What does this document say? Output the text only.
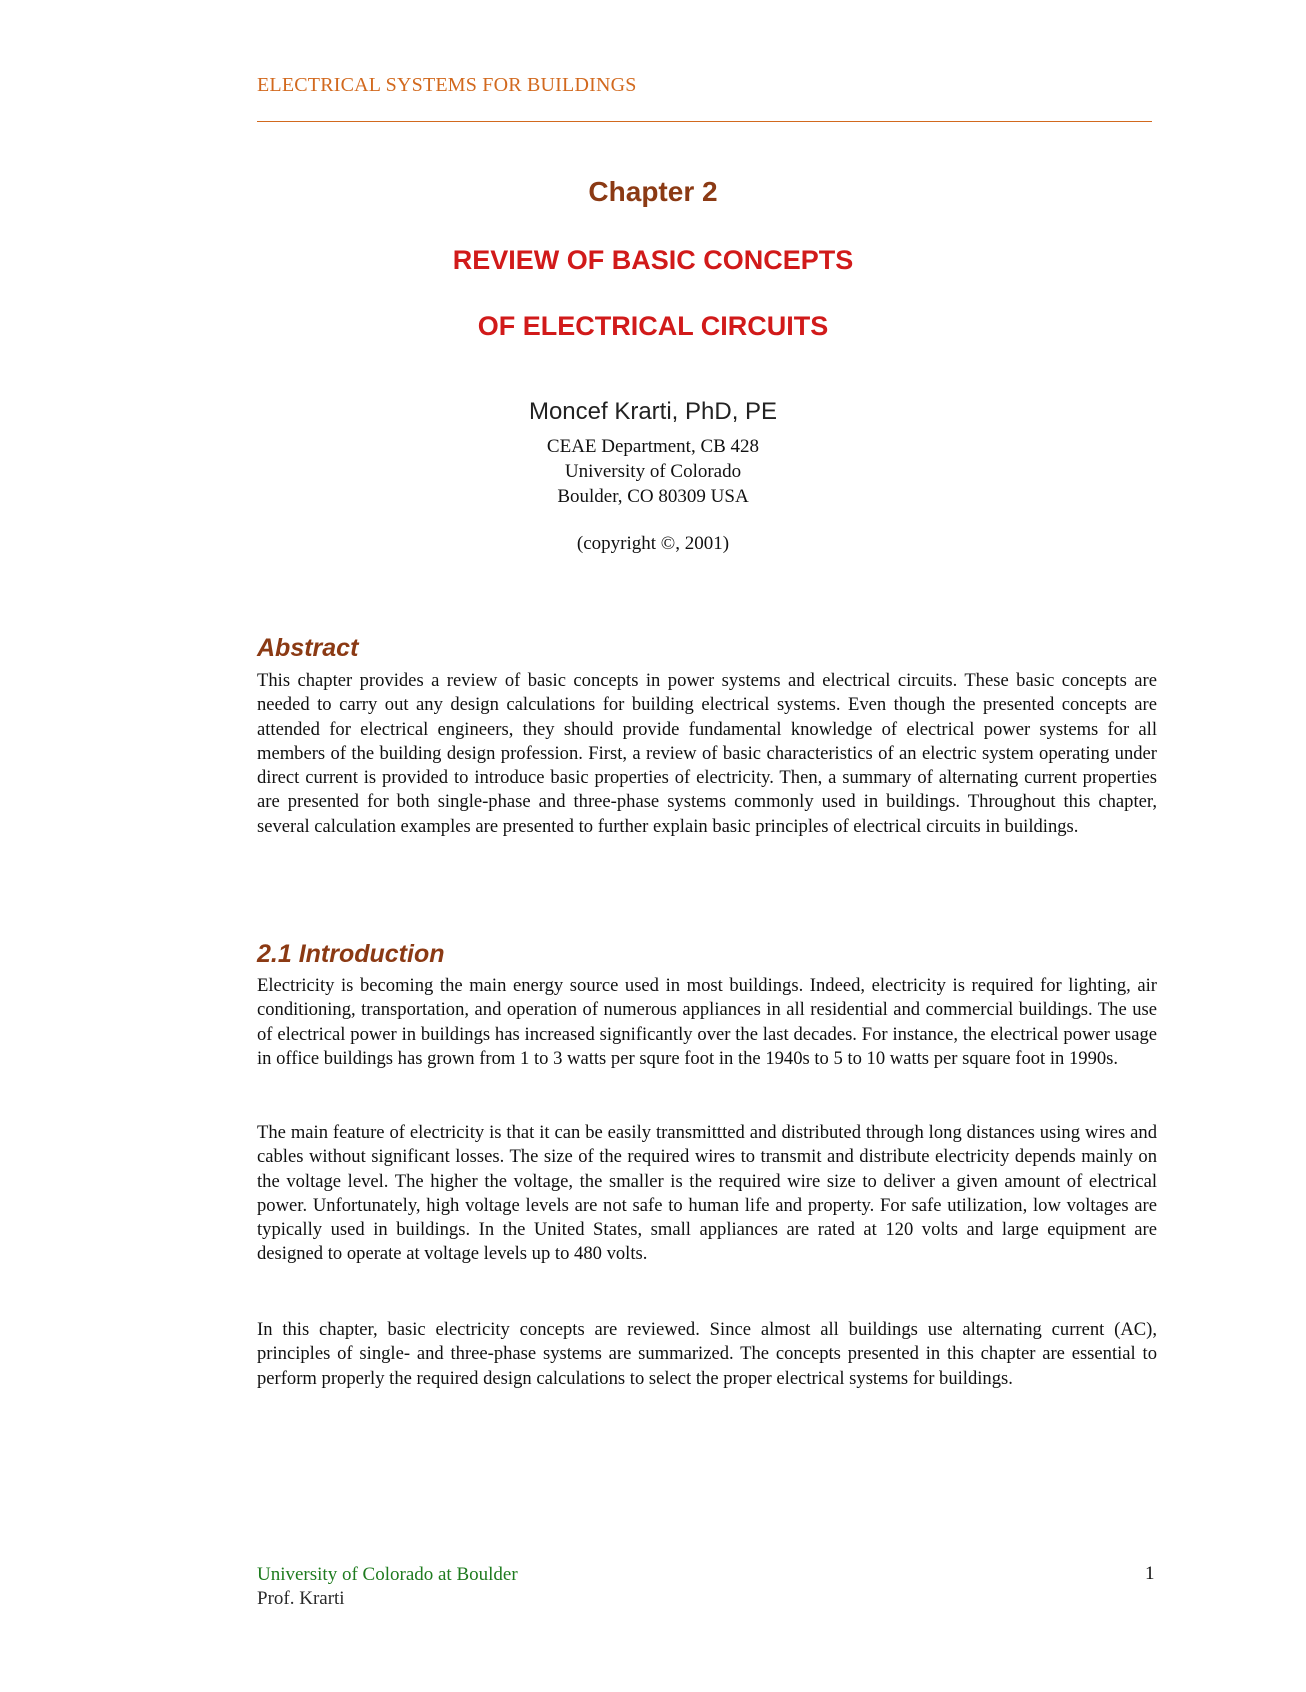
ELECTRICAL SYSTEMS FOR BUILDINGS
Chapter 2
REVIEW OF BASIC CONCEPTS
OF ELECTRICAL CIRCUITS
Moncef Krarti, PhD, PE
CEAE Department, CB 428
University of Colorado
Boulder, CO 80309 USA
(copyright ©, 2001)
Abstract
This chapter provides a review of basic concepts in power systems and electrical circuits. These basic concepts are needed to carry out any design calculations for building electrical systems. Even though the presented concepts are attended for electrical engineers, they should provide fundamental knowledge of electrical power systems for all members of the building design profession. First, a review of basic characteristics of an electric system operating under direct current is provided to introduce basic properties of electricity. Then, a summary of alternating current properties are presented for both single-phase and three-phase systems commonly used in buildings. Throughout this chapter, several calculation examples are presented to further explain basic principles of electrical circuits in buildings.
2.1 Introduction
Electricity is becoming the main energy source used in most buildings. Indeed, electricity is required for lighting, air conditioning, transportation, and operation of numerous appliances in all residential and commercial buildings. The use of electrical power in buildings has increased significantly over the last decades. For instance, the electrical power usage in office buildings has grown from 1 to 3 watts per squre foot in the 1940s to 5 to 10 watts per square foot in 1990s.
The main feature of electricity is that it can be easily transmittted and distributed through long distances using wires and cables without significant losses. The size of the required wires to transmit and distribute electricity depends mainly on the voltage level. The higher the voltage, the smaller is the required wire size to deliver a given amount of electrical power. Unfortunately, high voltage levels are not safe to human life and property. For safe utilization, low voltages are typically used in buildings. In the United States, small appliances are rated at 120 volts and large equipment are designed to operate at voltage levels up to 480 volts.
In this chapter, basic electricity concepts are reviewed. Since almost all buildings use alternating current (AC), principles of single- and three-phase systems are summarized. The concepts presented in this chapter are essential to perform properly the required design calculations to select the proper electrical systems for buildings.
University of Colorado at Boulder
Prof. Krarti
1
